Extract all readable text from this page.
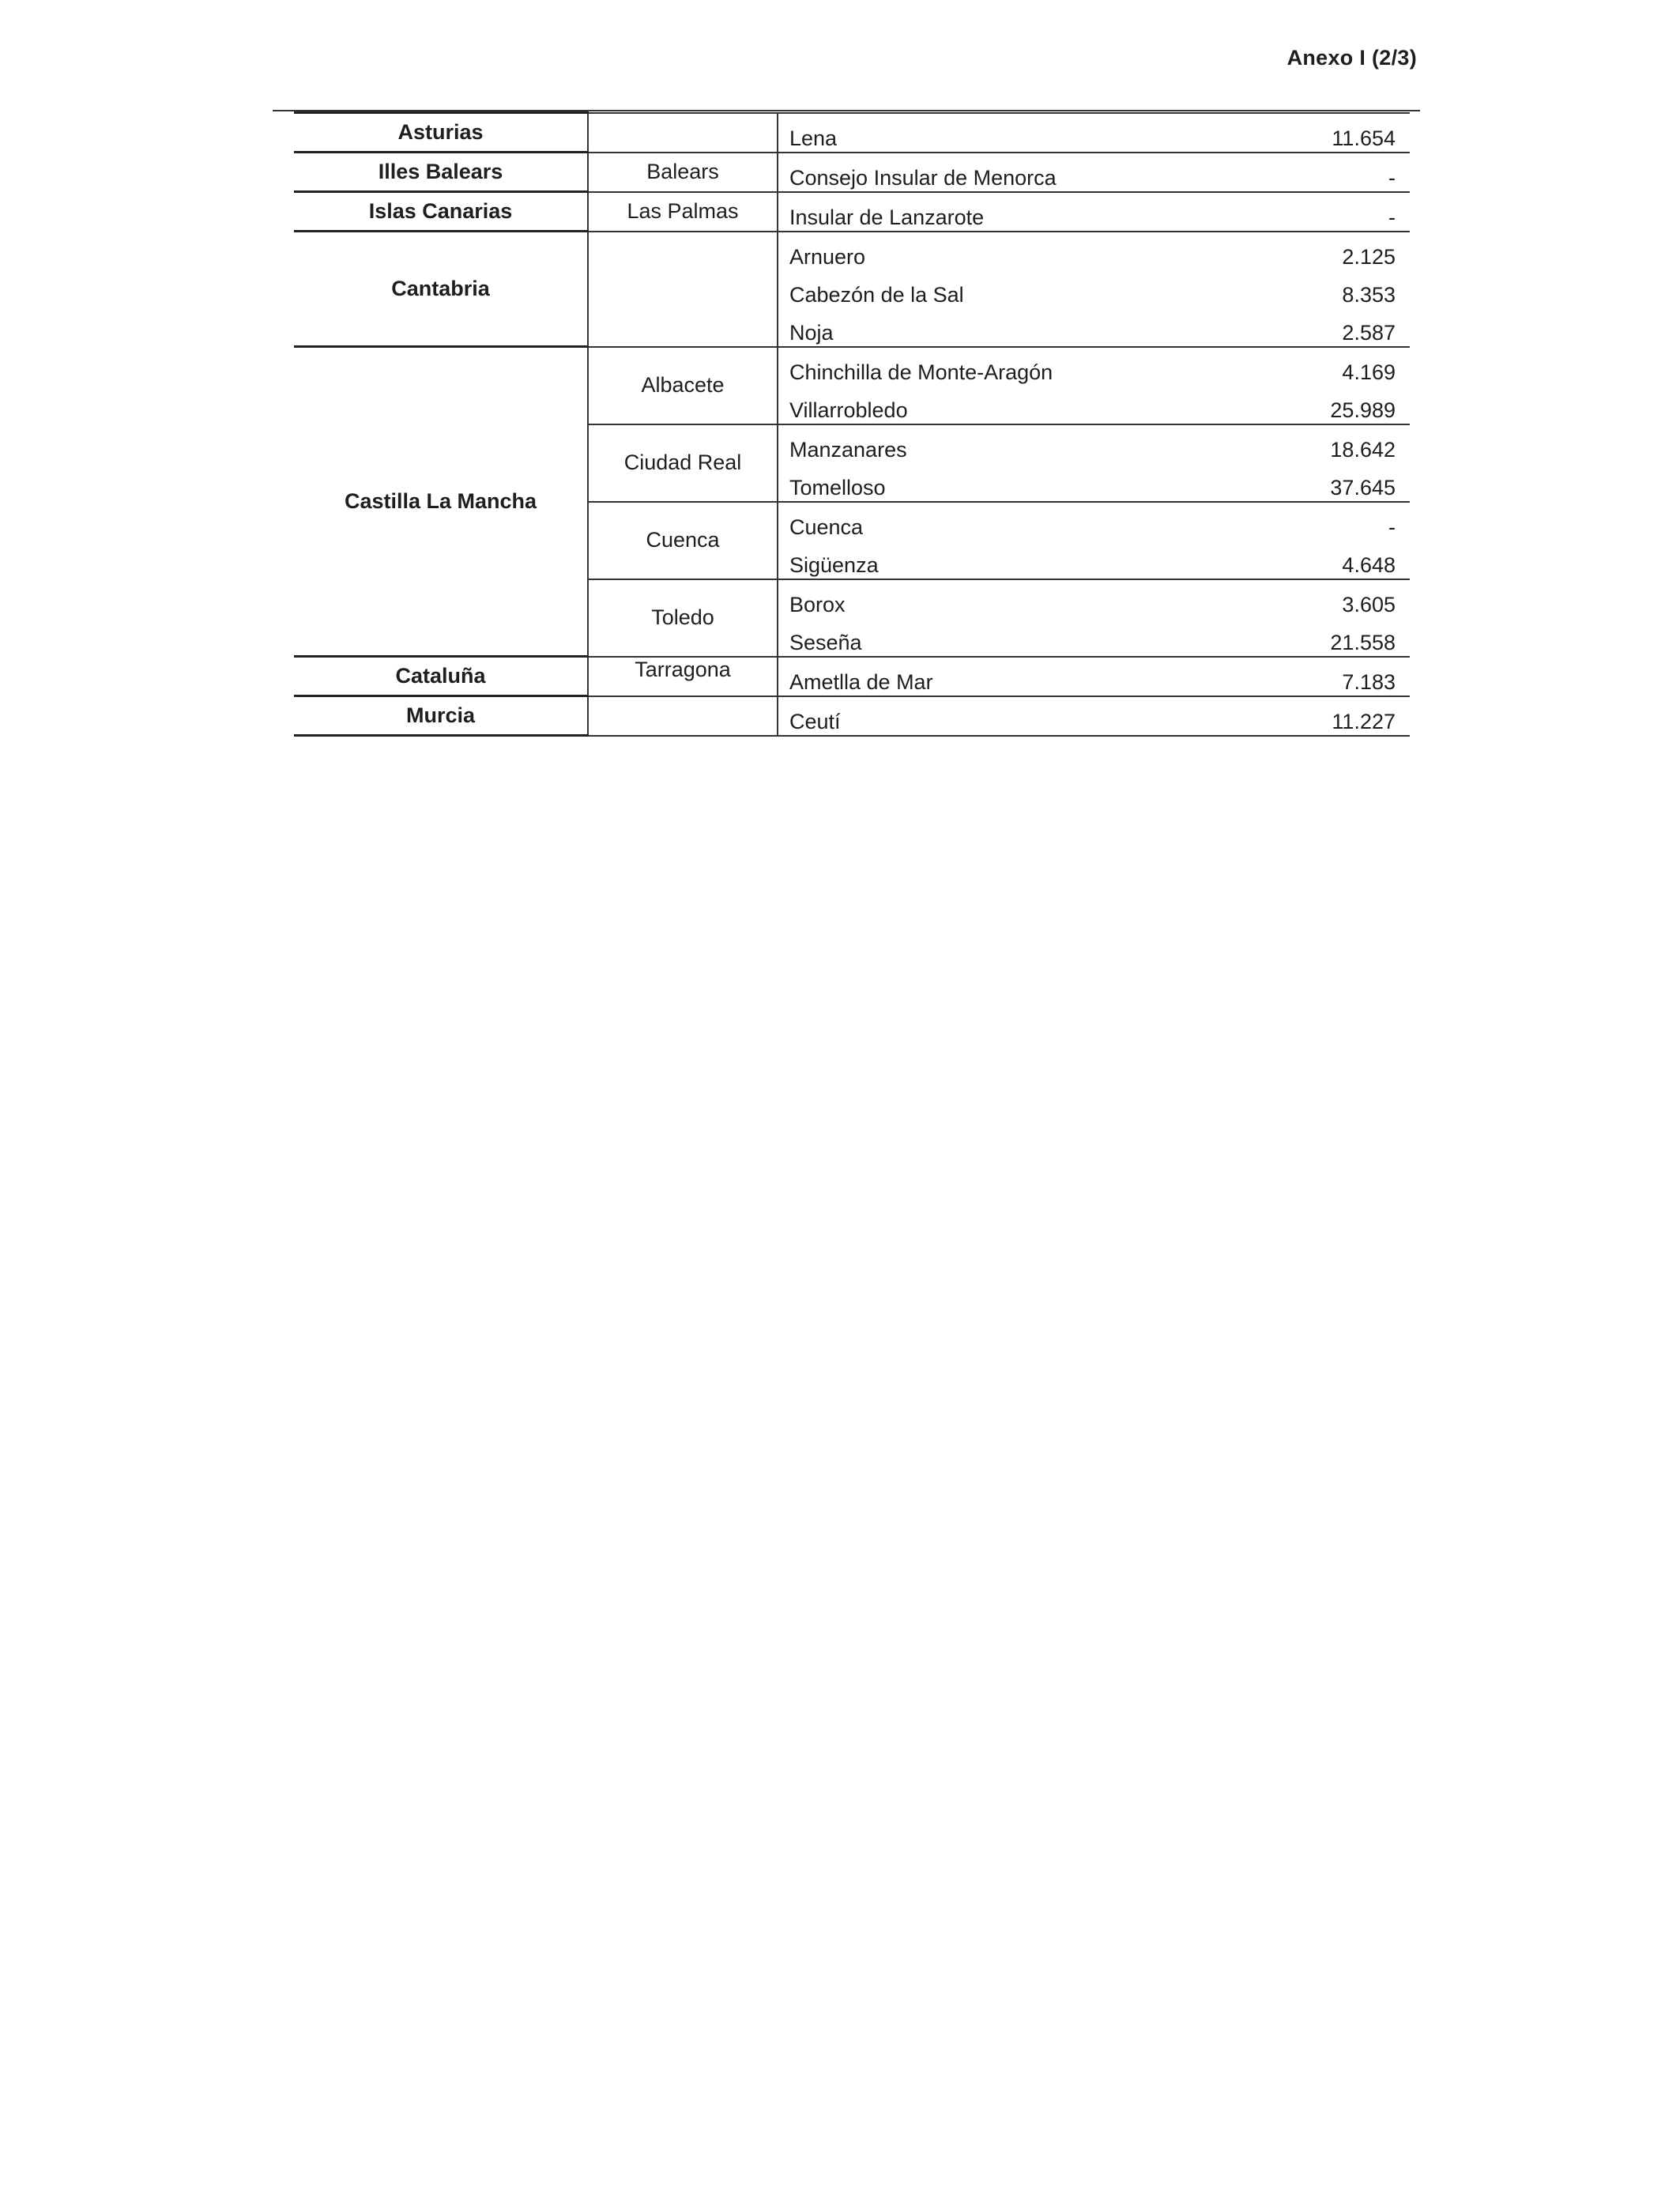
Anexo I (2/3)
Asturias		Lena	11.654
Illes Balears	Balears	Consejo Insular de Menorca	-
Islas Canarias	Las Palmas	Insular de Lanzarote	-
Cantabria		Arnuero	2.125
		Cabezón de la Sal	8.353
		Noja	2.587
Castilla La Mancha	Albacete	Chinchilla de Monte-Aragón	4.169
		Villarrobledo	25.989
	Ciudad Real	Manzanares	18.642
		Tomelloso	37.645
	Cuenca	Cuenca	-
		Sigüenza	4.648
	Toledo	Borox	3.605
		Seseña	21.558
Cataluña	Tarragona	Ametlla de Mar	7.183
Murcia		Ceutí	11.227
